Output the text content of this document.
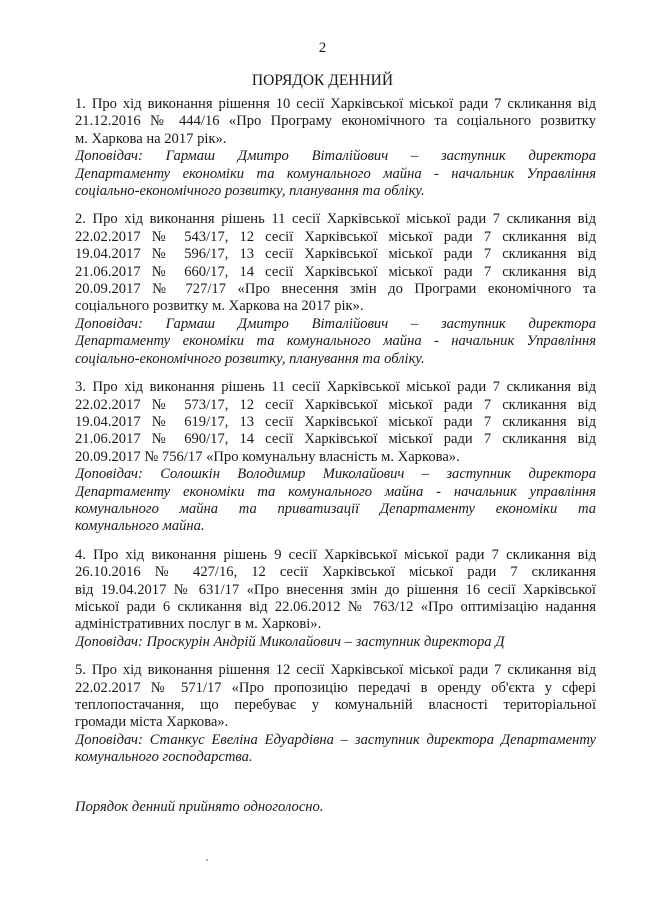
2
ПОРЯДОК ДЕННИЙ
1. Про хід виконання рішення 10 сесії Харківської міської ради 7 скликання від
21.12.2016 № 444/16 «Про Програму економічного та соціального розвитку
м. Харкова на 2017 рік».
Доповідач: Гармаш Дмитро Віталійович – заступник директора
Департаменту економіки та комунального майна - начальник Управління
соціально-економічного розвитку, планування та обліку.
2. Про хід виконання рішень 11 сесії Харківської міської ради 7 скликання від
22.02.2017 № 543/17, 12 сесії Харківської міської ради 7 скликання від
19.04.2017 № 596/17, 13 сесії Харківської міської ради 7 скликання від
21.06.2017 № 660/17, 14 сесії Харківської міської ради 7 скликання від
20.09.2017 № 727/17 «Про внесення змін до Програми економічного та
соціального розвитку м. Харкова на 2017 рік».
Доповідач: Гармаш Дмитро Віталійович – заступник директора
Департаменту економіки та комунального майна - начальник Управління
соціально-економічного розвитку, планування та обліку.
3. Про хід виконання рішень 11 сесії Харківської міської ради 7 скликання від
22.02.2017 № 573/17, 12 сесії Харківської міської ради 7 скликання від
19.04.2017 № 619/17, 13 сесії Харківської міської ради 7 скликання від
21.06.2017 № 690/17, 14 сесії Харківської міської ради 7 скликання від
20.09.2017 № 756/17 «Про комунальну власність м. Харкова».
Доповідач: Солошкін Володимир Миколайович – заступник директора
Департаменту економіки та комунального майна - начальник управління
комунального майна та приватизації Департаменту економіки та
комунального майна.
4. Про хід виконання рішень 9 сесії Харківської міської ради 7 скликання від
26.10.2016 № 427/16, 12 сесії Харківської міської ради 7 скликання
від 19.04.2017 № 631/17 «Про внесення змін до рішення 16 сесії Харківської
міської ради 6 скликання від 22.06.2012 № 763/12 «Про оптимізацію надання
адміністративних послуг в м. Харкові».
Доповідач: Проскурін Андрій Миколайович – заступник директора Д
5. Про хід виконання рішення 12 сесії Харківської міської ради 7 скликання від
22.02.2017 № 571/17 «Про пропозицію передачі в оренду об'єкта у сфері
теплопостачання, що перебуває у комунальній власності територіальної
громади міста Харкова».
Доповідач: Станкус Евеліна Едуардівна – заступник директора Департаменту
комунального господарства.
Порядок денний прийнято одноголосно.
